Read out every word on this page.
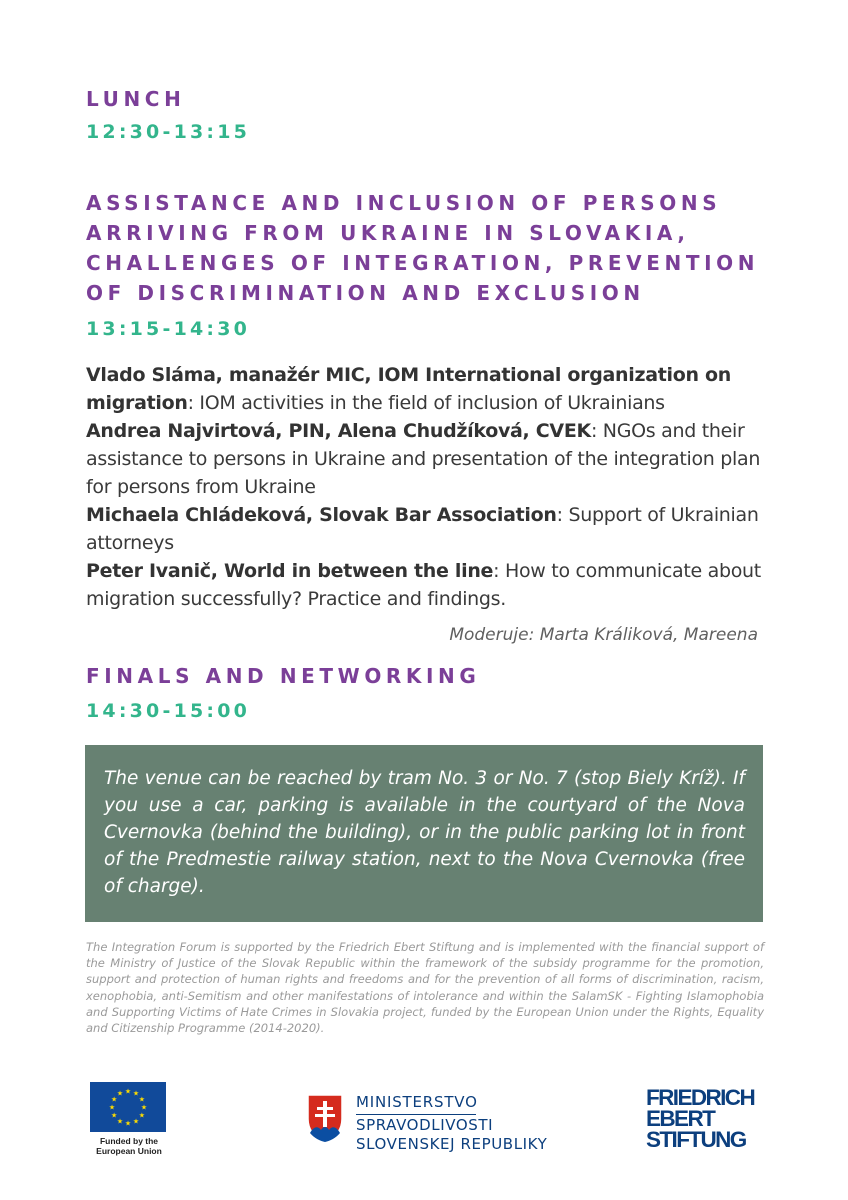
LUNCH
12:30-13:15
ASSISTANCE AND INCLUSION OF PERSONS
ARRIVING FROM UKRAINE IN SLOVAKIA,
CHALLENGES OF INTEGRATION, PREVENTION
OF DISCRIMINATION AND EXCLUSION
13:15-14:30

Vlado Sláma, manažér MIC, IOM International organization on migration: IOM activities in the field of inclusion of Ukrainians

Andrea Najvirtová, PIN, Alena Chudžíková, CVEK: NGOs and their assistance to persons in Ukraine and presentation of the integration plan for persons from Ukraine

Michaela Chládeková, Slovak Bar Association: Support of Ukrainian attorneys

Peter Ivanič, World in between the line: How to communicate about migration successfully? Practice and findings.

Moderuje: Marta Králiková, Mareena

FINALS AND NETWORKING
14:30-15:00

The venue can be reached by tram No. 3 or No. 7 (stop Biely Kríž). If you use a car, parking is available in the courtyard of the Nova Cvernovka (behind the building), or in the public parking lot in front of the Predmestie railway station, next to the Nova Cvernovka (free of charge).

The Integration Forum is supported by the Friedrich Ebert Stiftung and is implemented with the financial support of the Ministry of Justice of the Slovak Republic within the framework of the subsidy programme for the promotion, support and protection of human rights and freedoms and for the prevention of all forms of discrimination, racism, xenophobia, anti-Semitism and other manifestations of intolerance and within the SalamSK - Fighting Islamophobia and Supporting Victims of Hate Crimes in Slovakia project, funded by the European Union under the Rights, Equality and Citizenship Programme (2014-2020).

★ ★
★
★
★
★
★
★
★
★
★
★
Funded by the
European Union
MINISTERSTVO
SPRAVODLIVOSTI
SLOVENSKEJ REPUBLIKY
FRIEDRICH
EBERT
STIFTUNG
